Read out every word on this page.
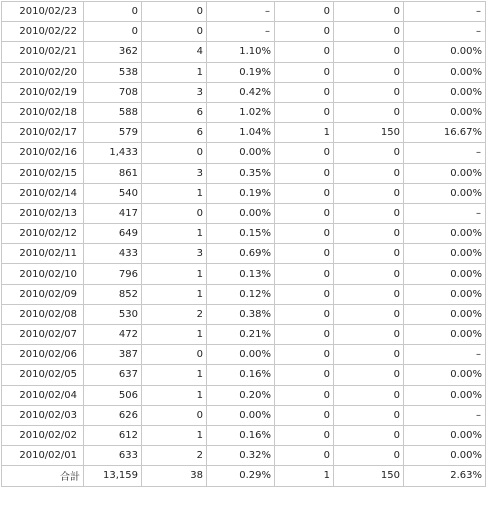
2010/02/23	0	0	–	0	0	–
2010/02/22	0	0	–	0	0	–
2010/02/21	362	4	1.10%	0	0	0.00%
2010/02/20	538	1	0.19%	0	0	0.00%
2010/02/19	708	3	0.42%	0	0	0.00%
2010/02/18	588	6	1.02%	0	0	0.00%
2010/02/17	579	6	1.04%	1	150	16.67%
2010/02/16	1,433	0	0.00%	0	0	–
2010/02/15	861	3	0.35%	0	0	0.00%
2010/02/14	540	1	0.19%	0	0	0.00%
2010/02/13	417	0	0.00%	0	0	–
2010/02/12	649	1	0.15%	0	0	0.00%
2010/02/11	433	3	0.69%	0	0	0.00%
2010/02/10	796	1	0.13%	0	0	0.00%
2010/02/09	852	1	0.12%	0	0	0.00%
2010/02/08	530	2	0.38%	0	0	0.00%
2010/02/07	472	1	0.21%	0	0	0.00%
2010/02/06	387	0	0.00%	0	0	–
2010/02/05	637	1	0.16%	0	0	0.00%
2010/02/04	506	1	0.20%	0	0	0.00%
2010/02/03	626	0	0.00%	0	0	–
2010/02/02	612	1	0.16%	0	0	0.00%
2010/02/01	633	2	0.32%	0	0	0.00%
合計	13,159	38	0.29%	1	150	2.63%
